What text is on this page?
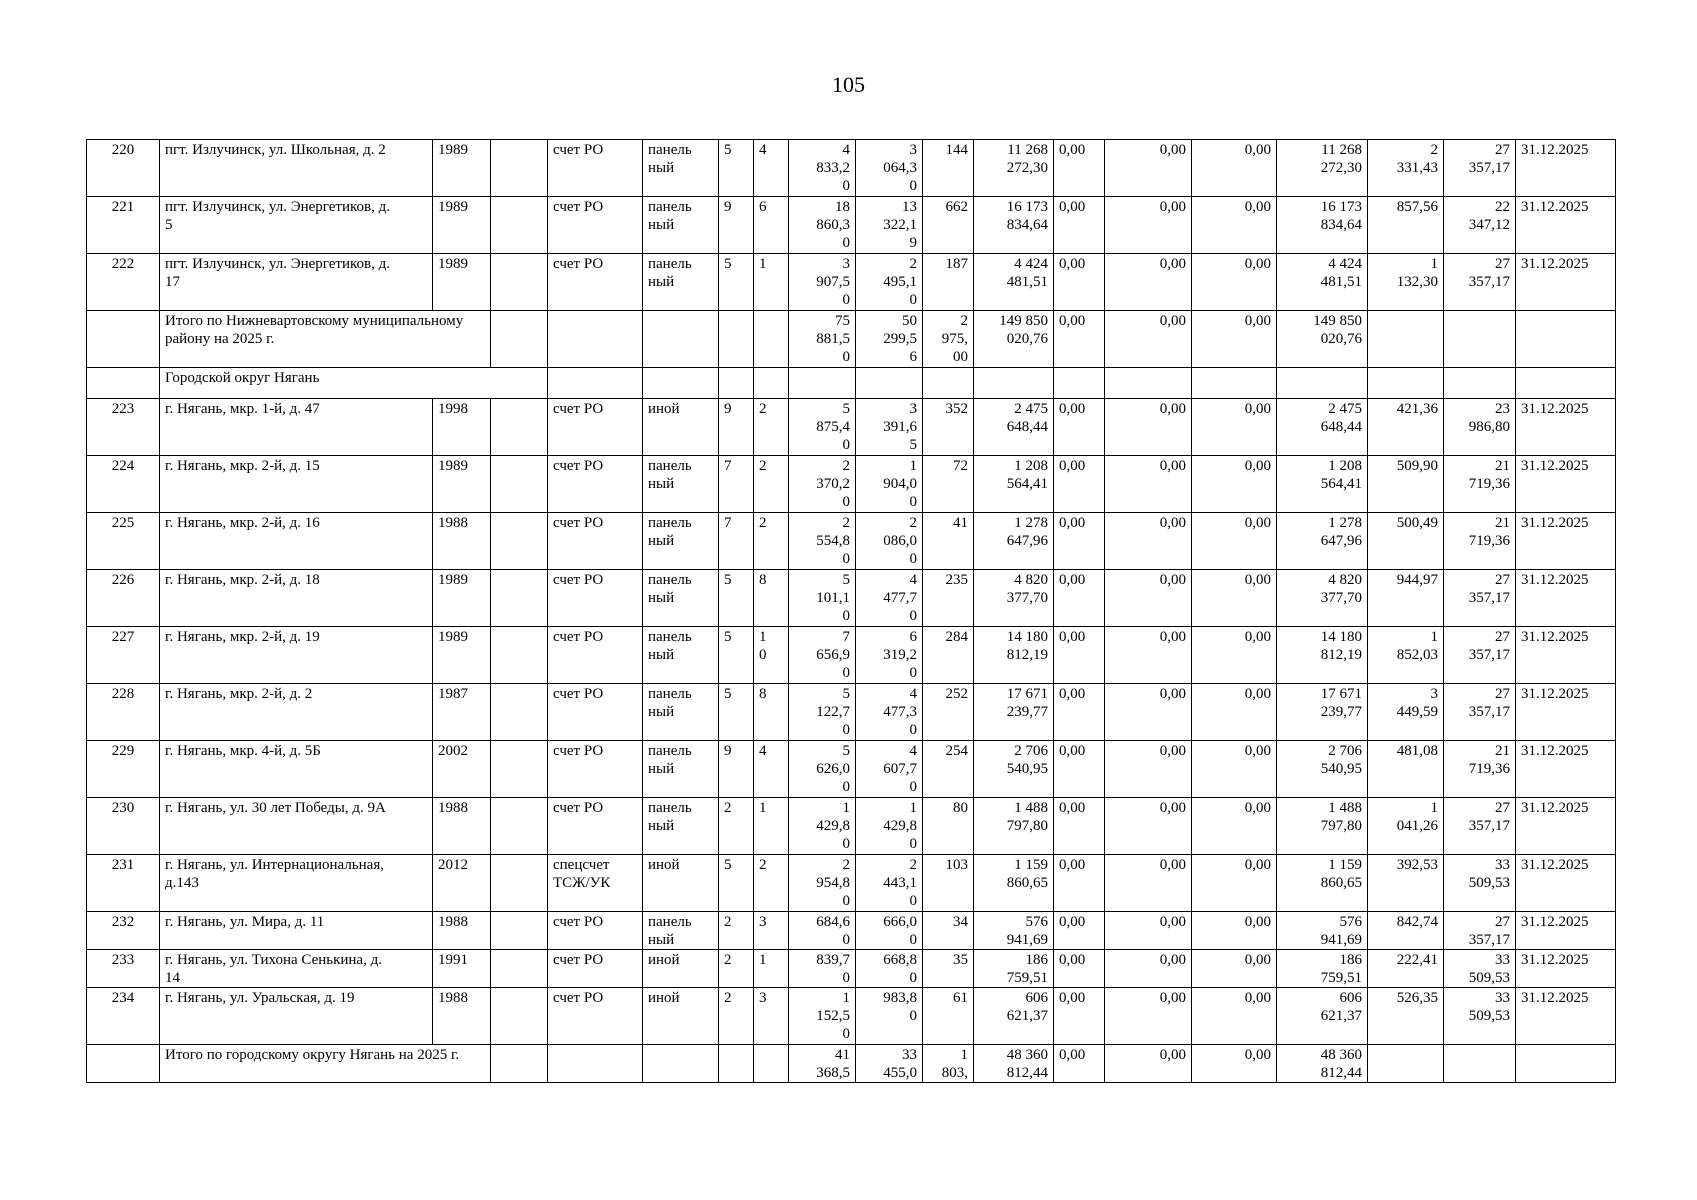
105
220	пгт. Излучинск, ул. Школьная, д. 2	1989		счет РО	панель
ный	5	4	4
833,2
0	3
064,3
0	144	11 268
272,30	0,00	0,00	0,00	11 268
272,30	2
331,43	27
357,17	31.12.2025
221	пгт. Излучинск, ул. Энергетиков, д.
5	1989		счет РО	панель
ный	9	6	18
860,3
0	13
322,1
9	662	16 173
834,64	0,00	0,00	0,00	16 173
834,64	857,56	22
347,12	31.12.2025
222	пгт. Излучинск, ул. Энергетиков, д.
17	1989		счет РО	панель
ный	5	1	3
907,5
0	2
495,1
0	187	4 424
481,51	0,00	0,00	0,00	4 424
481,51	1
132,30	27
357,17	31.12.2025
	Итого по Нижневартовскому муниципальному району на 2025 г.							75
881,5
0	50
299,5
6	2
975,
00	149 850
020,76	0,00	0,00	0,00	149 850
020,76			
	Городской округ Нягань																	
223	г. Нягань, мкр. 1-й, д. 47	1998		счет РО	иной	9	2	5
875,4
0	3
391,6
5	352	2 475
648,44	0,00	0,00	0,00	2 475
648,44	421,36	23
986,80	31.12.2025
224	г. Нягань, мкр. 2-й, д. 15	1989		счет РО	панель
ный	7	2	2
370,2
0	1
904,0
0	72	1 208
564,41	0,00	0,00	0,00	1 208
564,41	509,90	21
719,36	31.12.2025
225	г. Нягань, мкр. 2-й, д. 16	1988		счет РО	панель
ный	7	2	2
554,8
0	2
086,0
0	41	1 278
647,96	0,00	0,00	0,00	1 278
647,96	500,49	21
719,36	31.12.2025
226	г. Нягань, мкр. 2-й, д. 18	1989		счет РО	панель
ный	5	8	5
101,1
0	4
477,7
0	235	4 820
377,70	0,00	0,00	0,00	4 820
377,70	944,97	27
357,17	31.12.2025
227	г. Нягань, мкр. 2-й, д. 19	1989		счет РО	панель
ный	5	1
0	7
656,9
0	6
319,2
0	284	14 180
812,19	0,00	0,00	0,00	14 180
812,19	1
852,03	27
357,17	31.12.2025
228	г. Нягань, мкр. 2-й, д. 2	1987		счет РО	панель
ный	5	8	5
122,7
0	4
477,3
0	252	17 671
239,77	0,00	0,00	0,00	17 671
239,77	3
449,59	27
357,17	31.12.2025
229	г. Нягань, мкр. 4-й, д. 5Б	2002		счет РО	панель
ный	9	4	5
626,0
0	4
607,7
0	254	2 706
540,95	0,00	0,00	0,00	2 706
540,95	481,08	21
719,36	31.12.2025
230	г. Нягань, ул. 30 лет Победы, д. 9А	1988		счет РО	панель
ный	2	1	1
429,8
0	1
429,8
0	80	1 488
797,80	0,00	0,00	0,00	1 488
797,80	1
041,26	27
357,17	31.12.2025
231	г. Нягань, ул. Интернациональная,
д.143	2012		спецсчет
ТСЖ/УК	иной	5	2	2
954,8
0	2
443,1
0	103	1 159
860,65	0,00	0,00	0,00	1 159
860,65	392,53	33
509,53	31.12.2025
232	г. Нягань, ул. Мира, д. 11	1988		счет РО	панель
ный	2	3	684,6
0	666,0
0	34	576
941,69	0,00	0,00	0,00	576
941,69	842,74	27
357,17	31.12.2025
233	г. Нягань, ул. Тихона Сенькина, д.
14	1991		счет РО	иной	2	1	839,7
0	668,8
0	35	186
759,51	0,00	0,00	0,00	186
759,51	222,41	33
509,53	31.12.2025
234	г. Нягань, ул. Уральская, д. 19	1988		счет РО	иной	2	3	1
152,5
0	983,8
0	61	606
621,37	0,00	0,00	0,00	606
621,37	526,35	33
509,53	31.12.2025
	Итого по городскому округу Нягань на 2025 г.							41
368,5	33
455,0	1
803,	48 360
812,44	0,00	0,00	0,00	48 360
812,44			
